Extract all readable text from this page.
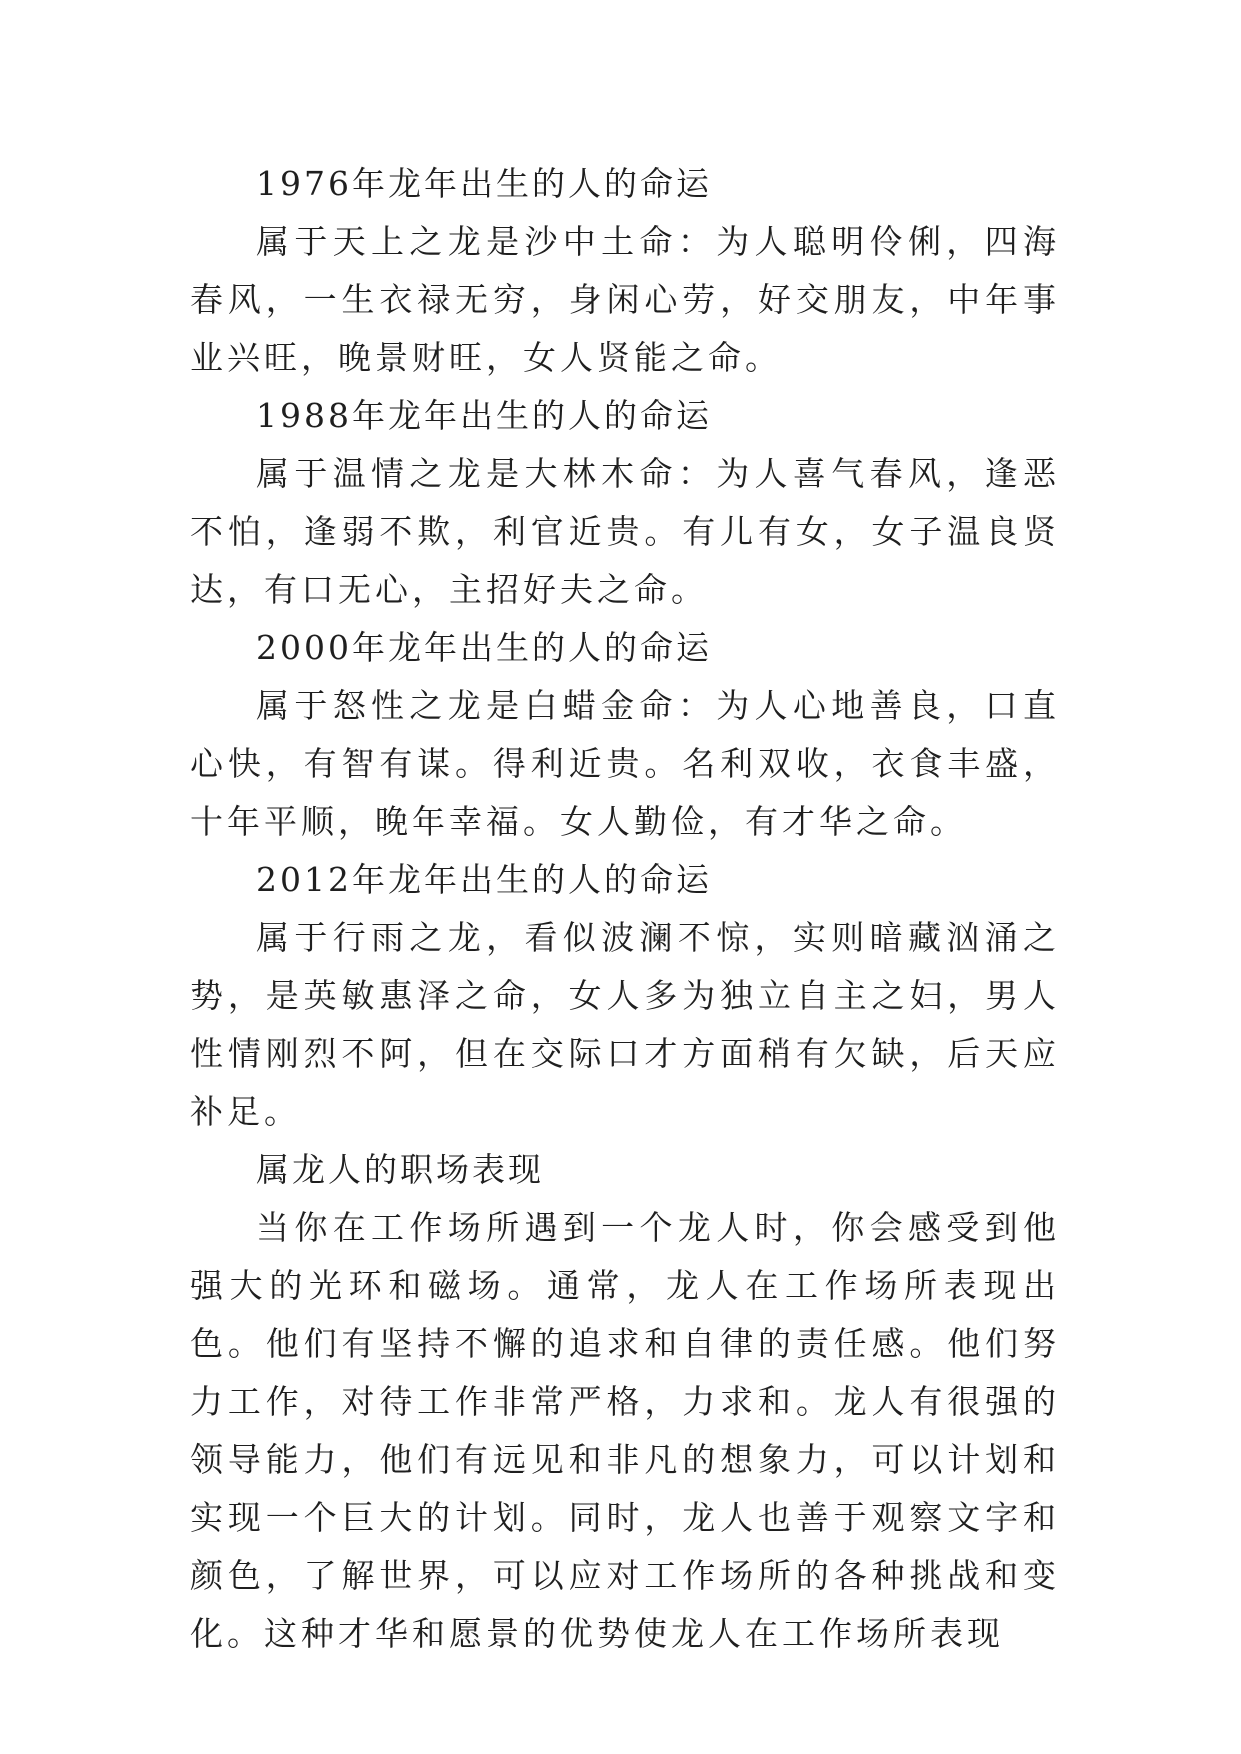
1976年龙年出生的人的命运

属于天上之龙是沙中土命：为人聪明伶俐，四海春风，一生衣禄无穷，身闲心劳，好交朋友，中年事业兴旺，晚景财旺，女人贤能之命。

1988年龙年出生的人的命运

属于温情之龙是大林木命：为人喜气春风，逢恶不怕，逢弱不欺，利官近贵。有儿有女，女子温良贤达，有口无心，主招好夫之命。

2000年龙年出生的人的命运

属于怒性之龙是白蜡金命：为人心地善良，口直心快，有智有谋。得利近贵。名利双收，衣食丰盛，十年平顺，晚年幸福。女人勤俭，有才华之命。

2012年龙年出生的人的命运

属于行雨之龙，看似波澜不惊，实则暗藏汹涌之势，是英敏惠泽之命，女人多为独立自主之妇，男人性情刚烈不阿，但在交际口才方面稍有欠缺，后天应补足。

属龙人的职场表现

当你在工作场所遇到一个龙人时，你会感受到他强大的光环和磁场。通常，龙人在工作场所表现出色。他们有坚持不懈的追求和自律的责任感。他们努力工作，对待工作非常严格，力求和。龙人有很强的领导能力，他们有远见和非凡的想象力，可以计划和实现一个巨大的计划。同时，龙人也善于观察文字和颜色，了解世界，可以应对工作场所的各种挑战和变化。这种才华和愿景的优势使龙人在工作场所表现
